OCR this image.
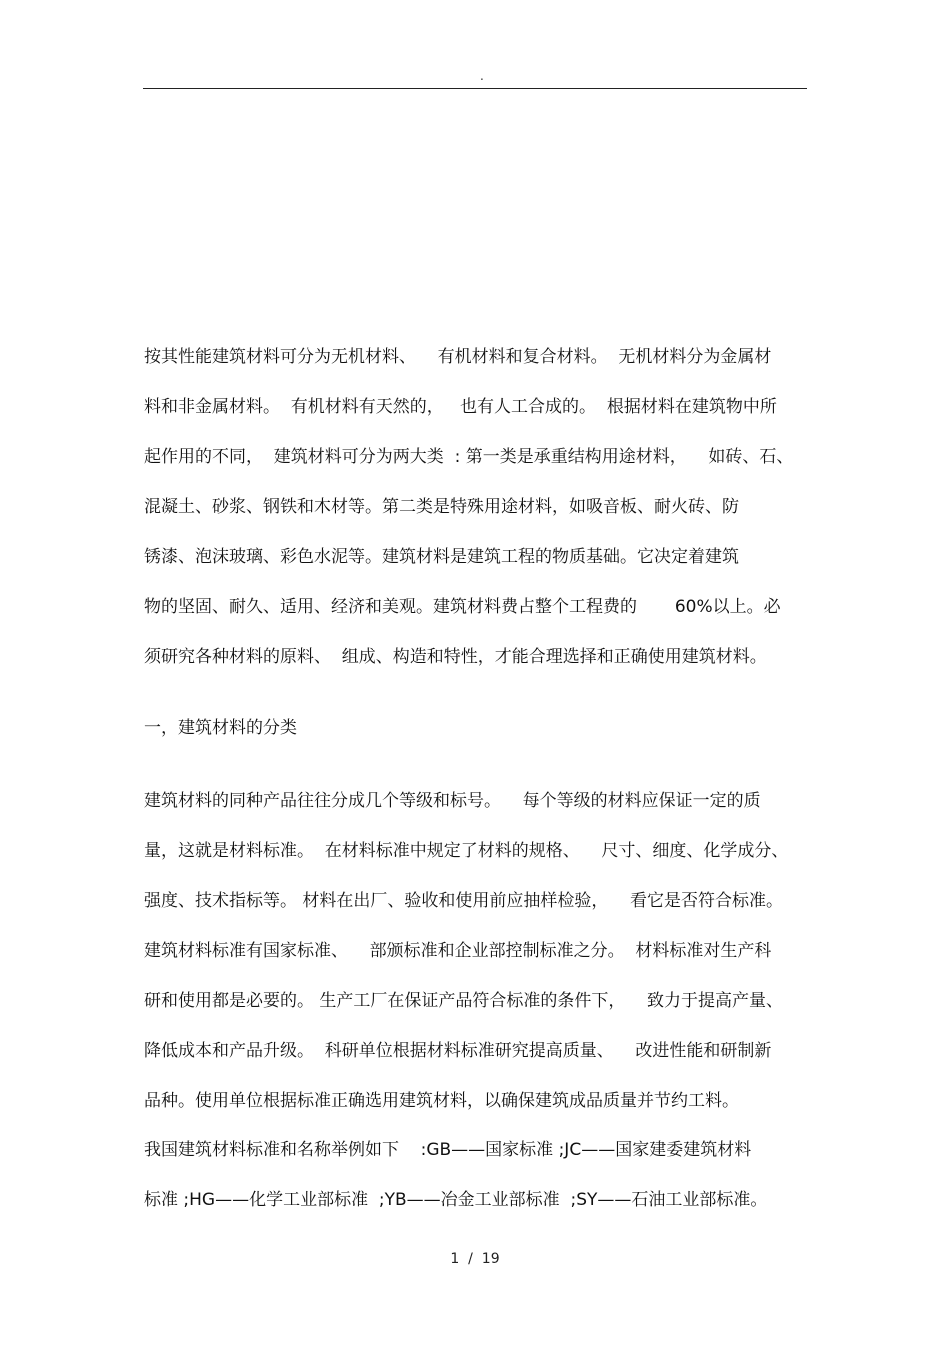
.
按其性能建筑材料可分为无机材料、    有机材料和复合材料。  无机材料分为金属材
料和非金属材料。  有机材料有天然的，   也有人工合成的。  根据材料在建筑物中所
起作用的不同，  建筑材料可分为两大类  : 第一类是承重结构用途材料，    如砖、石、
混凝土、砂浆、钢铁和木材等。第二类是特殊用途材料，如吸音板、耐火砖、防
锈漆、泡沫玻璃、彩色水泥等。建筑材料是建筑工程的物质基础。它决定着建筑
物的坚固、耐久、适用、经济和美观。建筑材料费占整个工程费的       60%以上。必
须研究各种材料的原料、  组成、构造和特性，才能合理选择和正确使用建筑材料。
一，建筑材料的分类
建筑材料的同种产品往往分成几个等级和标号。    每个等级的材料应保证一定的质
量，这就是材料标准。  在材料标准中规定了材料的规格、    尺寸、细度、化学成分、
强度、技术指标等。 材料在出厂、验收和使用前应抽样检验，    看它是否符合标准。
建筑材料标准有国家标准、    部颁标准和企业部控制标准之分。  材料标准对生产科
研和使用都是必要的。 生产工厂在保证产品符合标准的条件下，    致力于提高产量、
降低成本和产品升级。  科研单位根据材料标准研究提高质量、    改进性能和研制新
品种。使用单位根据标准正确选用建筑材料，以确保建筑成品质量并节约工料。
我国建筑材料标准和名称举例如下    :GB——国家标准 ;JC——国家建委建筑材料
标准 ;HG——化学工业部标准  ;YB——冶金工业部标准  ;SY——石油工业部标准。
1  /  19
